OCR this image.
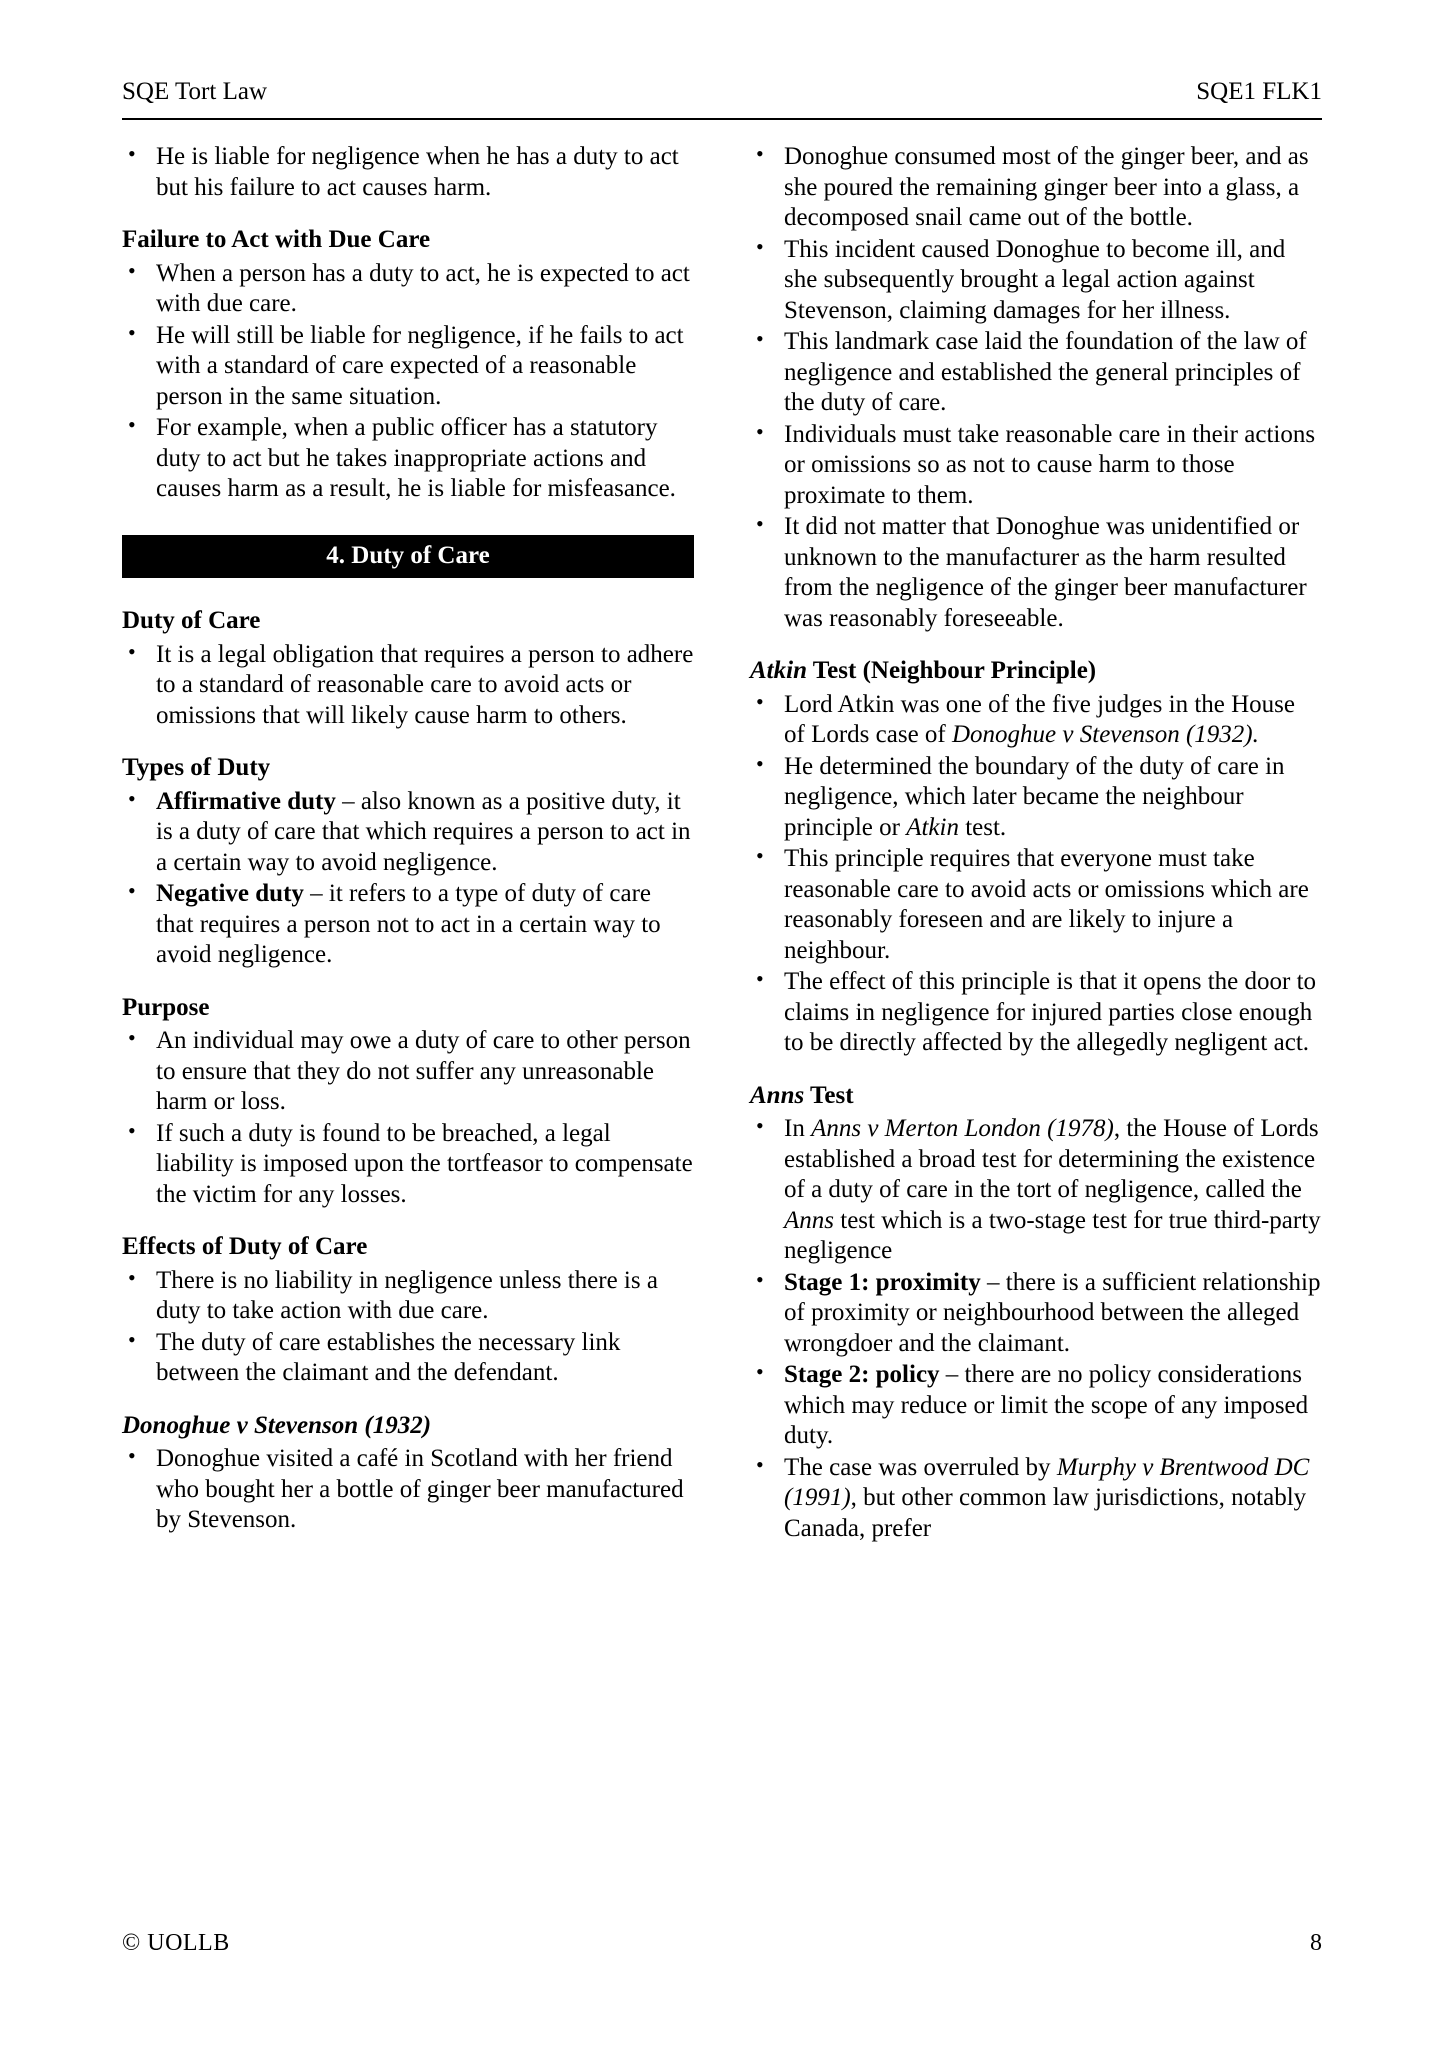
SQE Tort Law	SQE1 FLK1
• He is liable for negligence when he has a duty to act but his failure to act causes harm.
Failure to Act with Due Care
• When a person has a duty to act, he is expected to act with due care.
• He will still be liable for negligence, if he fails to act with a standard of care expected of a reasonable person in the same situation.
• For example, when a public officer has a statutory duty to act but he takes inappropriate actions and causes harm as a result, he is liable for misfeasance.
4. Duty of Care
Duty of Care
• It is a legal obligation that requires a person to adhere to a standard of reasonable care to avoid acts or omissions that will likely cause harm to others.
Types of Duty
• Affirmative duty – also known as a positive duty, it is a duty of care that which requires a person to act in a certain way to avoid negligence.
• Negative duty – it refers to a type of duty of care that requires a person not to act in a certain way to avoid negligence.
Purpose
• An individual may owe a duty of care to other person to ensure that they do not suffer any unreasonable harm or loss.
• If such a duty is found to be breached, a legal liability is imposed upon the tortfeasor to compensate the victim for any losses.
Effects of Duty of Care
• There is no liability in negligence unless there is a duty to take action with due care.
• The duty of care establishes the necessary link between the claimant and the defendant.
Donoghue v Stevenson (1932)
• Donoghue visited a café in Scotland with her friend who bought her a bottle of ginger beer manufactured by Stevenson.
• Donoghue consumed most of the ginger beer, and as she poured the remaining ginger beer into a glass, a decomposed snail came out of the bottle.
• This incident caused Donoghue to become ill, and she subsequently brought a legal action against Stevenson, claiming damages for her illness.
• This landmark case laid the foundation of the law of negligence and established the general principles of the duty of care.
• Individuals must take reasonable care in their actions or omissions so as not to cause harm to those proximate to them.
• It did not matter that Donoghue was unidentified or unknown to the manufacturer as the harm resulted from the negligence of the ginger beer manufacturer was reasonably foreseeable.
Atkin Test (Neighbour Principle)
• Lord Atkin was one of the five judges in the House of Lords case of Donoghue v Stevenson (1932).
• He determined the boundary of the duty of care in negligence, which later became the neighbour principle or Atkin test.
• This principle requires that everyone must take reasonable care to avoid acts or omissions which are reasonably foreseen and are likely to injure a neighbour.
• The effect of this principle is that it opens the door to claims in negligence for injured parties close enough to be directly affected by the allegedly negligent act.
Anns Test
• In Anns v Merton London (1978), the House of Lords established a broad test for determining the existence of a duty of care in the tort of negligence, called the Anns test which is a two-stage test for true third-party negligence
• Stage 1: proximity – there is a sufficient relationship of proximity or neighbourhood between the alleged wrongdoer and the claimant.
• Stage 2: policy – there are no policy considerations which may reduce or limit the scope of any imposed duty.
• The case was overruled by Murphy v Brentwood DC (1991), but other common law jurisdictions, notably Canada, prefer
© UOLLB	8
